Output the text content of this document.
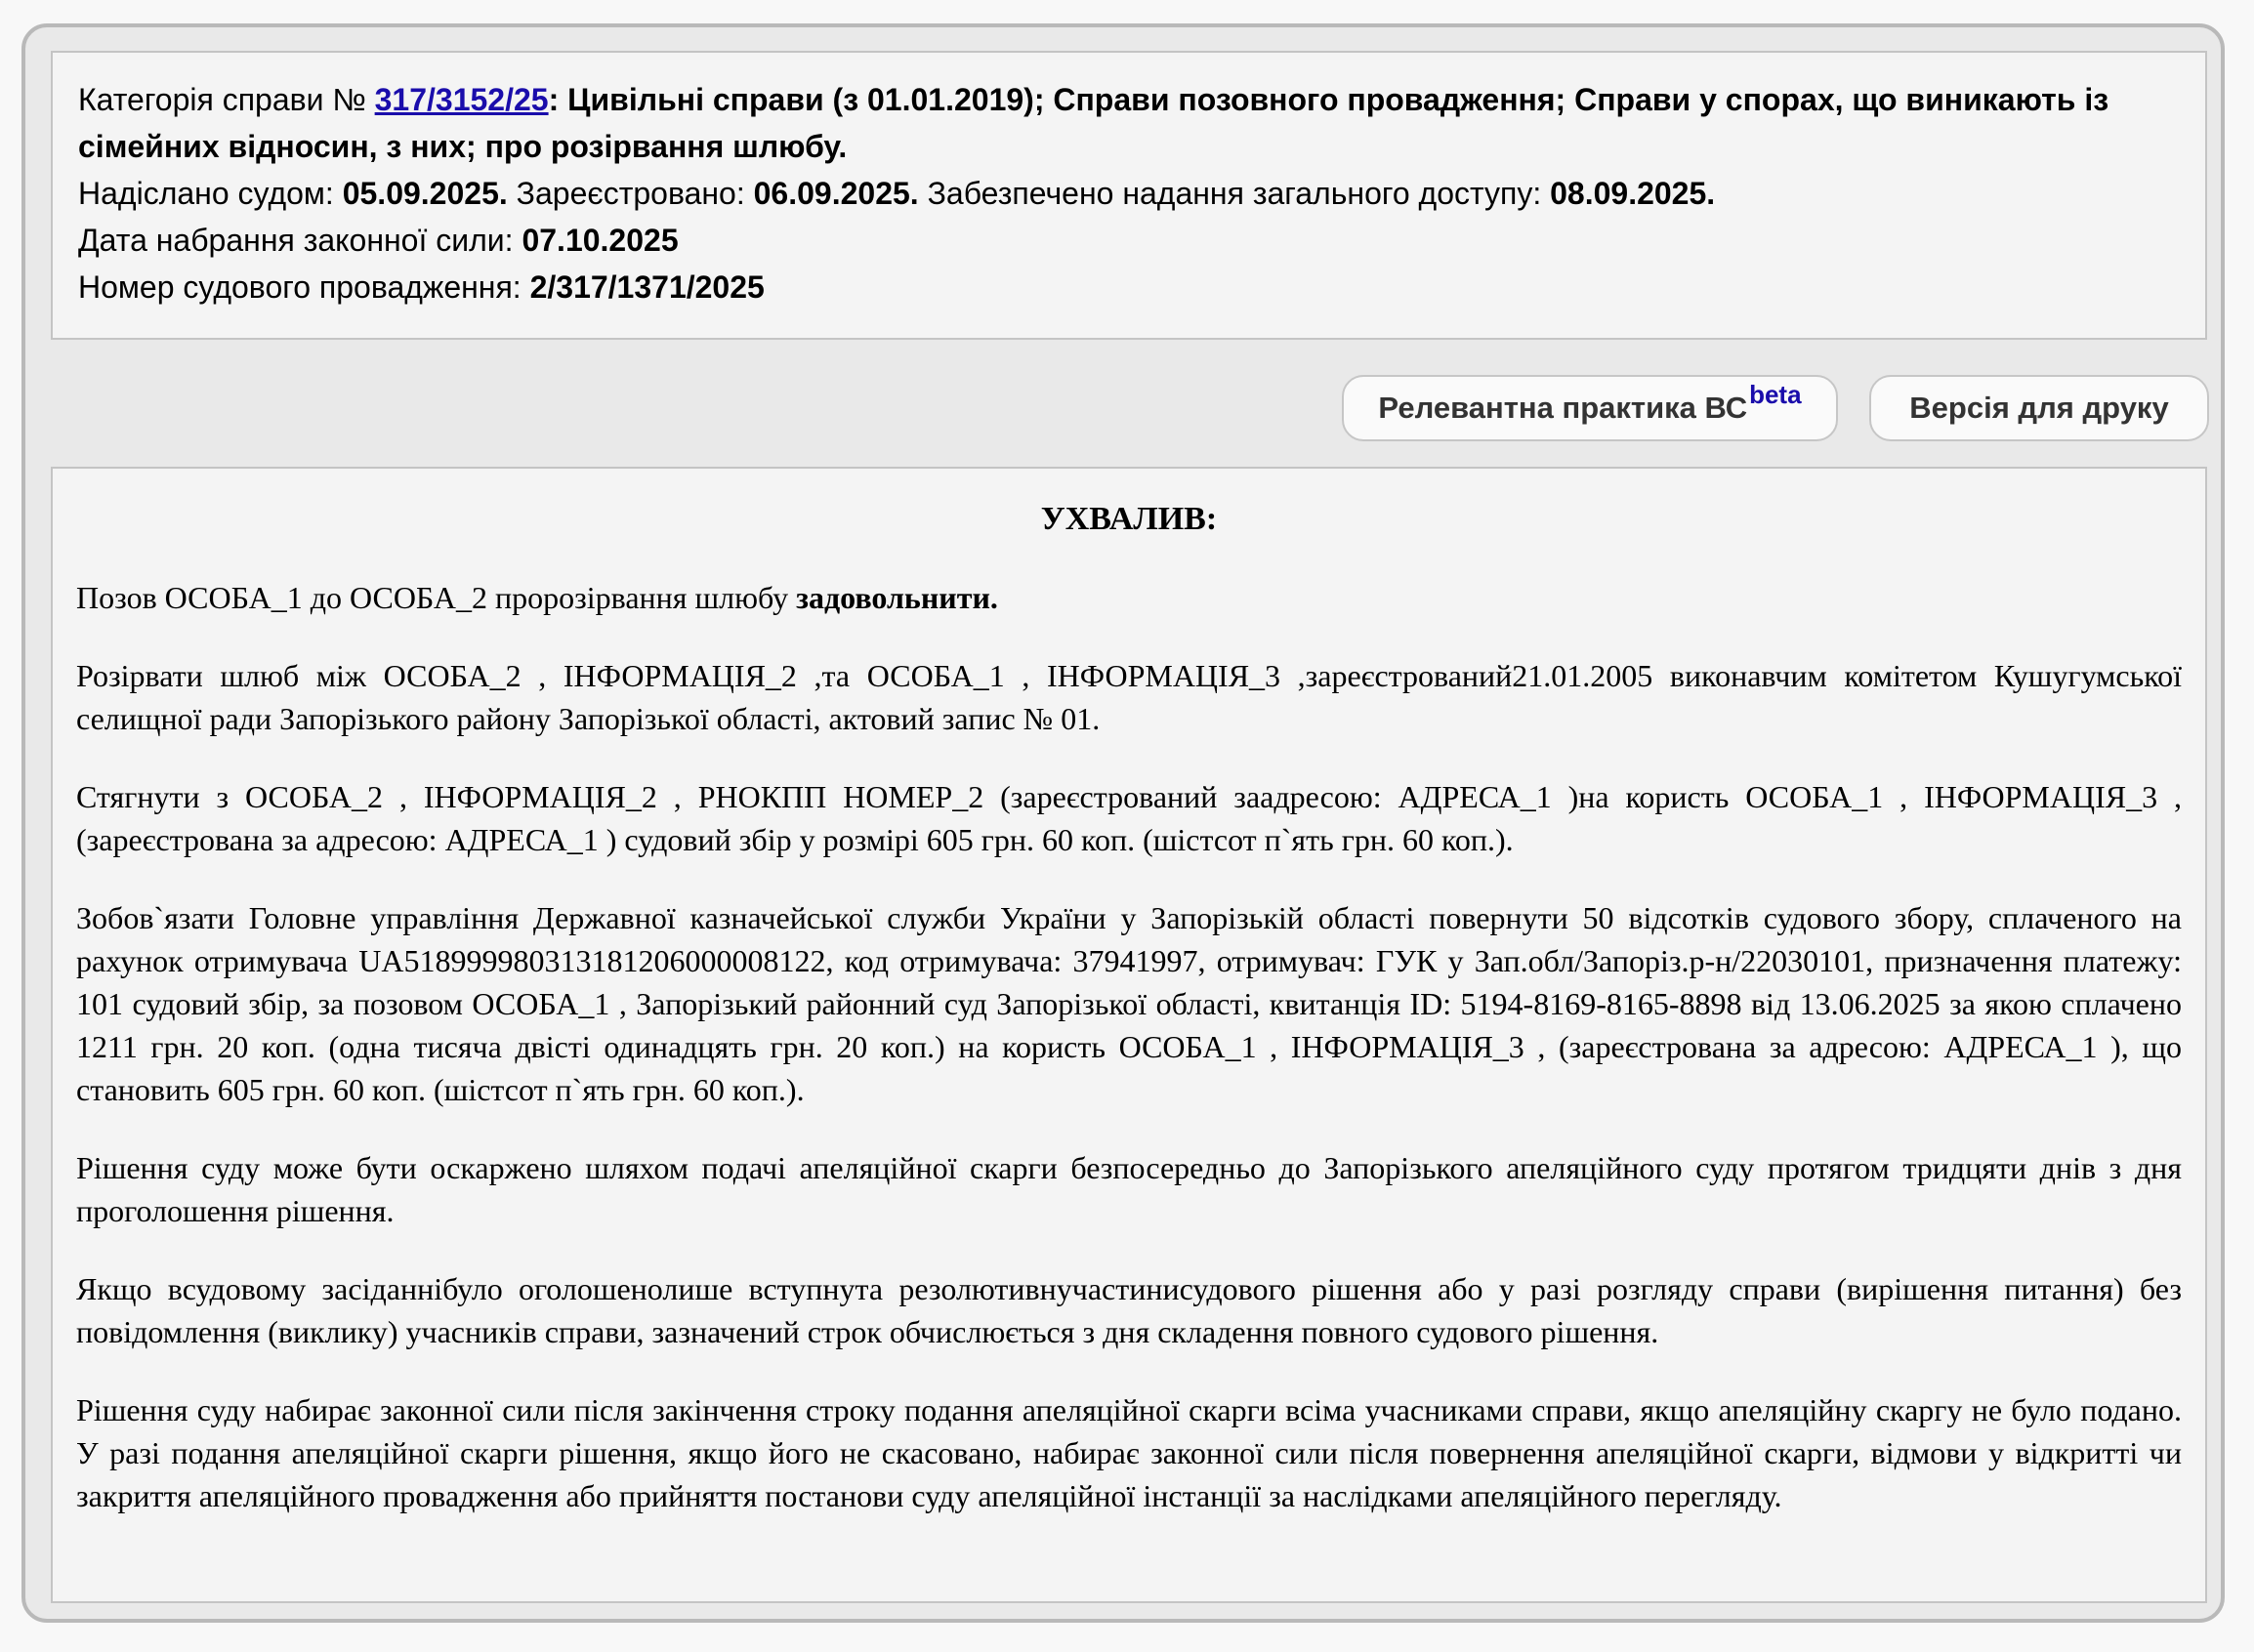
Категорія справи № 317/3152/25: Цивільні справи (з 01.01.2019); Справи позовного провадження; Справи у спорах, що виникають із сімейних відносин, з них; про розірвання шлюбу.
Надіслано судом: 05.09.2025. Зареєстровано: 06.09.2025. Забезпечено надання загального доступу: 08.09.2025.
Дата набрання законної сили: 07.10.2025
Номер судового провадження: 2/317/1371/2025
Релевантна практика ВС beta	Версія для друку
УХВАЛИВ:

Позов ОСОБА_1 до ОСОБА_2 пророзірвання шлюбу задовольнити.

Розірвати шлюб між ОСОБА_2 , ІНФОРМАЦІЯ_2 ,та ОСОБА_1 , ІНФОРМАЦІЯ_3 ,зареєстрований21.01.2005 виконавчим комітетом Кушугумської селищної ради Запорізького району Запорізької області, актовий запис № 01.

Стягнути з ОСОБА_2 , ІНФОРМАЦІЯ_2 , РНОКПП НОМЕР_2 (зареєстрований заадресою: АДРЕСА_1 )на користь ОСОБА_1 , ІНФОРМАЦІЯ_3 , (зареєстрована за адресою: АДРЕСА_1 ) судовий збір у розмірі 605 грн. 60 коп. (шістсот п`ять грн. 60 коп.).

Зобов`язати Головне управління Державної казначейської служби України у Запорізькій області повернути 50 відсотків судового збору, сплаченого на рахунок отримувача UA518999980313181206000008122, код отримувача: 37941997, отримувач: ГУК у Зап.обл/Запоріз.р-н/22030101, призначення платежу: 101 судовий збір, за позовом ОСОБА_1 , Запорізький районний суд Запорізької області, квитанція ID: 5194-8169-8165-8898 від 13.06.2025 за якою сплачено 1211 грн. 20 коп. (одна тисяча двісті одинадцять грн. 20 коп.) на користь ОСОБА_1 , ІНФОРМАЦІЯ_3 , (зареєстрована за адресою: АДРЕСА_1 ), що становить 605 грн. 60 коп. (шістсот п`ять грн. 60 коп.).

Рішення суду може бути оскаржено шляхом подачі апеляційної скарги безпосередньо до Запорізького апеляційного суду протягом тридцяти днів з дня проголошення рішення.

Якщо всудовому засіданнібуло оголошенолише вступнута резолютивнучастинисудового рішення або у разі розгляду справи (вирішення питання) без повідомлення (виклику) учасників справи, зазначений строк обчислюється з дня складення повного судового рішення.

Рішення суду набирає законної сили після закінчення строку подання апеляційної скарги всіма учасниками справи, якщо апеляційну скаргу не було подано. У разі подання апеляційної скарги рішення, якщо його не скасовано, набирає законної сили після повернення апеляційної скарги, відмови у відкритті чи закриття апеляційного провадження або прийняття постанови суду апеляційної інстанції за наслідками апеляційного перегляду.
